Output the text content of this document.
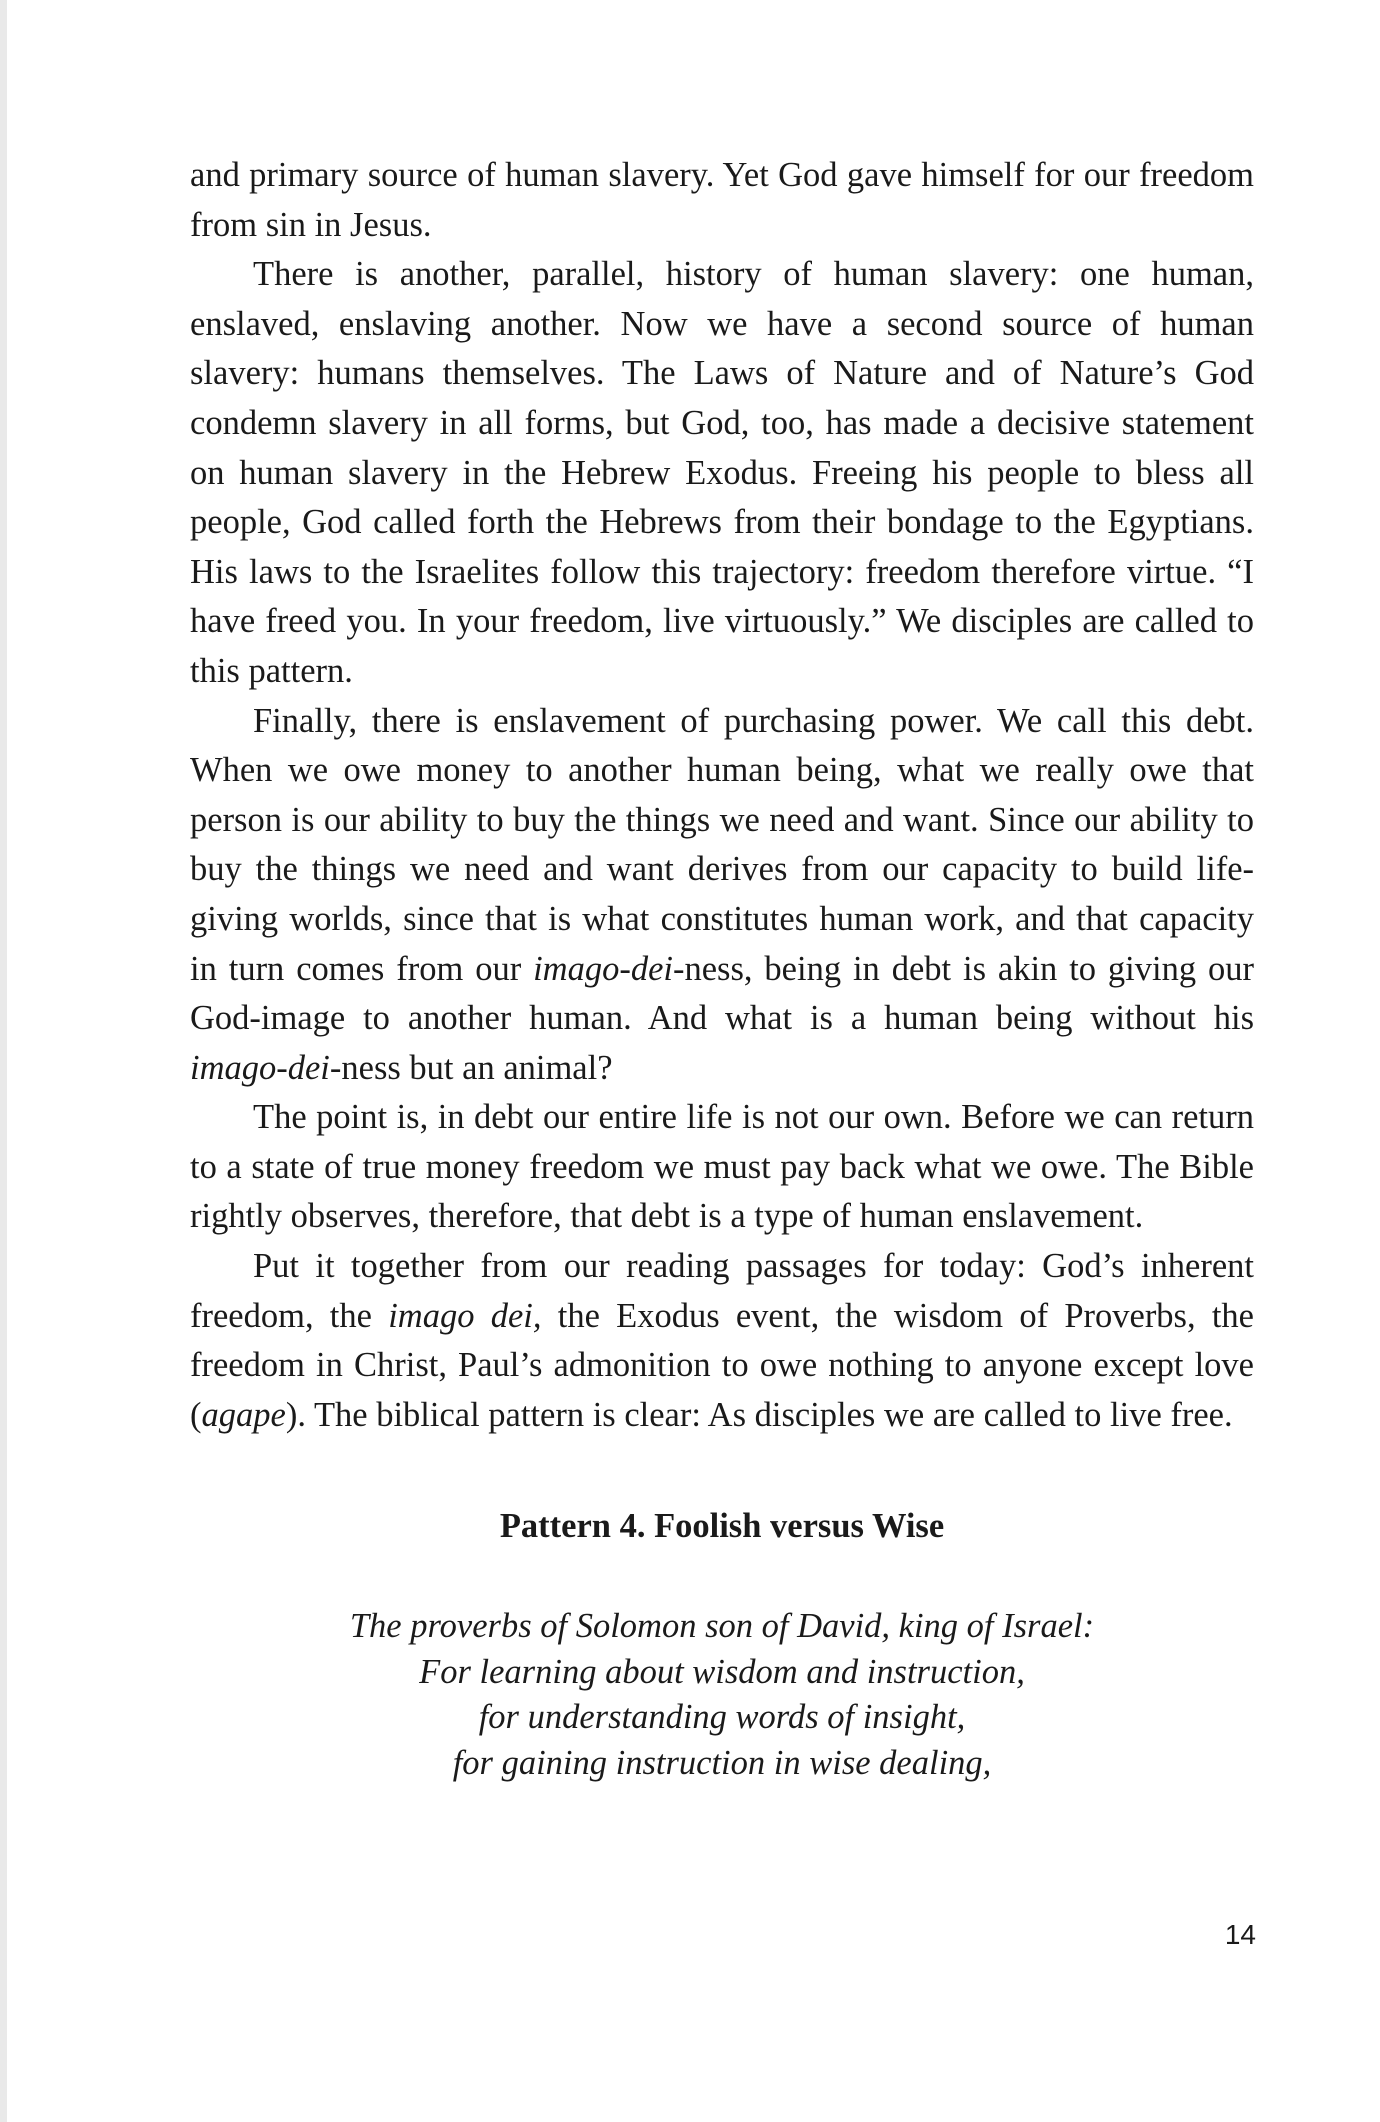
and primary source of human slavery. Yet God gave himself for our freedom from sin in Jesus.

There is another, parallel, history of human slavery: one human, enslaved, enslaving another. Now we have a second source of human slavery: humans themselves. The Laws of Nature and of Nature’s God condemn slavery in all forms, but God, too, has made a decisive statement on human slavery in the Hebrew Exodus. Freeing his people to bless all people, God called forth the Hebrews from their bondage to the Egyptians. His laws to the Israelites follow this trajectory: freedom therefore virtue. “I have freed you. In your freedom, live virtuously.” We disciples are called to this pattern.

Finally, there is enslavement of purchasing power. We call this debt. When we owe money to another human being, what we really owe that person is our ability to buy the things we need and want. Since our ability to buy the things we need and want derives from our capacity to build life-giving worlds, since that is what constitutes human work, and that capacity in turn comes from our imago-dei-ness, being in debt is akin to giving our God-image to another human. And what is a human being without his imago-dei-ness but an animal?

The point is, in debt our entire life is not our own. Before we can return to a state of true money freedom we must pay back what we owe. The Bible rightly observes, therefore, that debt is a type of human enslavement.

Put it together from our reading passages for today: God’s inherent freedom, the imago dei, the Exodus event, the wisdom of Proverbs, the freedom in Christ, Paul’s admonition to owe nothing to anyone except love (agape). The biblical pattern is clear: As disciples we are called to live free.

Pattern 4. Foolish versus Wise
The proverbs of Solomon son of David, king of Israel:
For learning about wisdom and instruction,
for understanding words of insight,
for gaining instruction in wise dealing,
14
